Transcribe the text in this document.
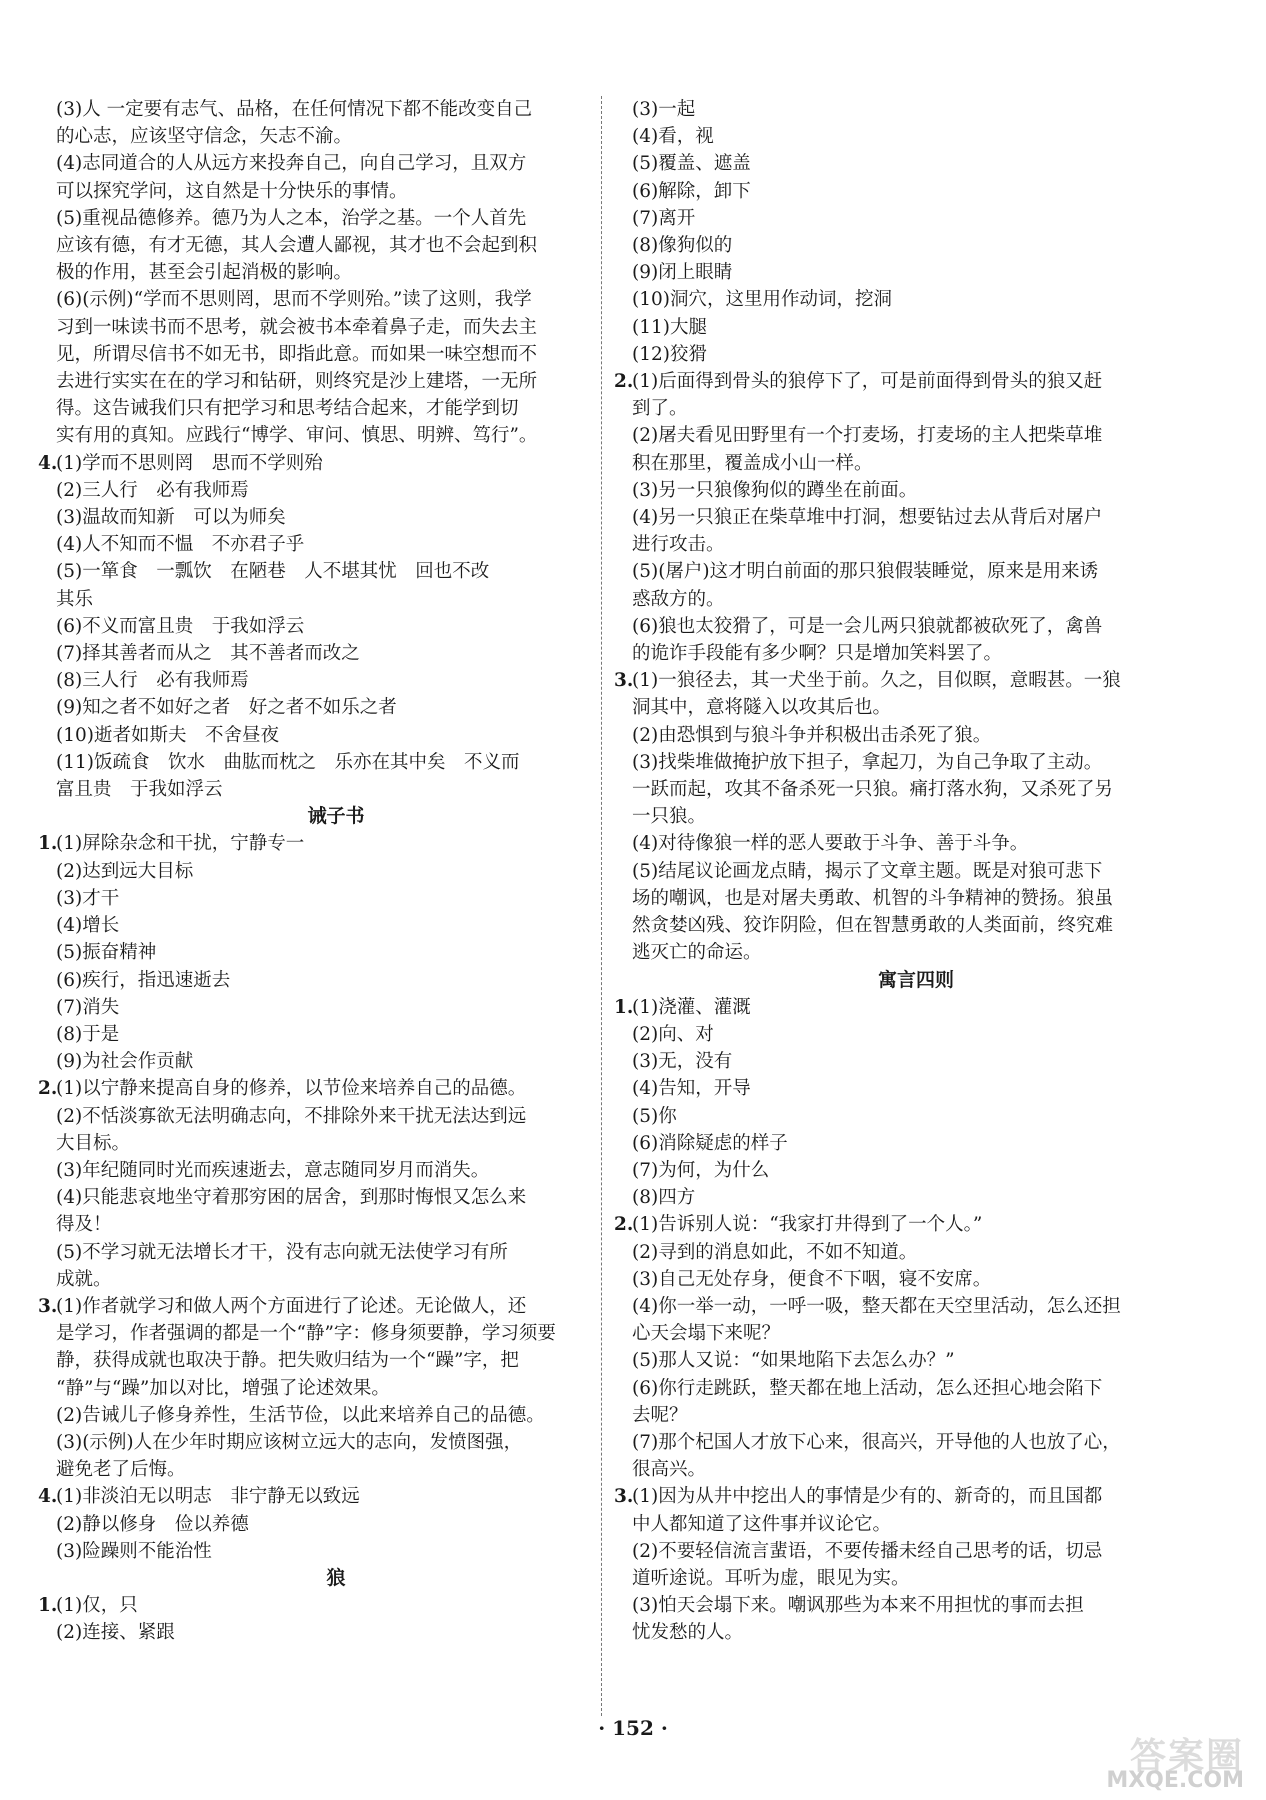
(3)人 一定要有志气、品格，在任何情况下都不能改变自己
的心志，应该坚守信念，矢志不渝。
(4)志同道合的人从远方来投奔自己，向自己学习，且双方
可以探究学问，这自然是十分快乐的事情。
(5)重视品德修养。德乃为人之本，治学之基。一个人首先
应该有德，有才无德，其人会遭人鄙视，其才也不会起到积
极的作用，甚至会引起消极的影响。
(6)(示例)“学而不思则罔，思而不学则殆。”读了这则，我学
习到一味读书而不思考，就会被书本牵着鼻子走，而失去主
见，所谓尽信书不如无书，即指此意。而如果一味空想而不
去进行实实在在的学习和钻研，则终究是沙上建塔，一无所
得。这告诫我们只有把学习和思考结合起来，才能学到切
实有用的真知。应践行“博学、审问、慎思、明辨、笃行”。
4.(1)学而不思则罔　思而不学则殆
(2)三人行　必有我师焉
(3)温故而知新　可以为师矣
(4)人不知而不愠　不亦君子乎
(5)一箪食　一瓢饮　在陋巷　人不堪其忧　回也不改
其乐
(6)不义而富且贵　于我如浮云
(7)择其善者而从之　其不善者而改之
(8)三人行　必有我师焉
(9)知之者不如好之者　好之者不如乐之者
(10)逝者如斯夫　不舍昼夜
(11)饭疏食　饮水　曲肱而枕之　乐亦在其中矣　不义而
富且贵　于我如浮云
诫子书
1.(1)屏除杂念和干扰，宁静专一
(2)达到远大目标
(3)才干
(4)增长
(5)振奋精神
(6)疾行，指迅速逝去
(7)消失
(8)于是
(9)为社会作贡献
2.(1)以宁静来提高自身的修养，以节俭来培养自己的品德。
(2)不恬淡寡欲无法明确志向，不排除外来干扰无法达到远
大目标。
(3)年纪随同时光而疾速逝去，意志随同岁月而消失。
(4)只能悲哀地坐守着那穷困的居舍，到那时悔恨又怎么来
得及！
(5)不学习就无法增长才干，没有志向就无法使学习有所
成就。
3.(1)作者就学习和做人两个方面进行了论述。无论做人，还
是学习，作者强调的都是一个“静”字：修身须要静，学习须要
静，获得成就也取决于静。把失败归结为一个“躁”字，把
“静”与“躁”加以对比，增强了论述效果。
(2)告诫儿子修身养性，生活节俭，以此来培养自己的品德。
(3)(示例)人在少年时期应该树立远大的志向，发愤图强，
避免老了后悔。
4.(1)非淡泊无以明志　非宁静无以致远
(2)静以修身　俭以养德
(3)险躁则不能治性
狼
1.(1)仅，只
(2)连接、紧跟
(3)一起
(4)看，视
(5)覆盖、遮盖
(6)解除，卸下
(7)离开
(8)像狗似的
(9)闭上眼睛
(10)洞穴，这里用作动词，挖洞
(11)大腿
(12)狡猾
2.(1)后面得到骨头的狼停下了，可是前面得到骨头的狼又赶
到了。
(2)屠夫看见田野里有一个打麦场，打麦场的主人把柴草堆
积在那里，覆盖成小山一样。
(3)另一只狼像狗似的蹲坐在前面。
(4)另一只狼正在柴草堆中打洞，想要钻过去从背后对屠户
进行攻击。
(5)(屠户)这才明白前面的那只狼假装睡觉，原来是用来诱
惑敌方的。
(6)狼也太狡猾了，可是一会儿两只狼就都被砍死了，禽兽
的诡诈手段能有多少啊？只是增加笑料罢了。
3.(1)一狼径去，其一犬坐于前。久之，目似瞑，意暇甚。一狼
洞其中，意将隧入以攻其后也。
(2)由恐惧到与狼斗争并积极出击杀死了狼。
(3)找柴堆做掩护放下担子，拿起刀，为自己争取了主动。
一跃而起，攻其不备杀死一只狼。痛打落水狗，又杀死了另
一只狼。
(4)对待像狼一样的恶人要敢于斗争、善于斗争。
(5)结尾议论画龙点睛，揭示了文章主题。既是对狼可悲下
场的嘲讽，也是对屠夫勇敢、机智的斗争精神的赞扬。狼虽
然贪婪凶残、狡诈阴险，但在智慧勇敢的人类面前，终究难
逃灭亡的命运。
寓言四则
1.(1)浇灌、灌溉
(2)向、对
(3)无，没有
(4)告知，开导
(5)你
(6)消除疑虑的样子
(7)为何，为什么
(8)四方
2.(1)告诉别人说：“我家打井得到了一个人。”
(2)寻到的消息如此，不如不知道。
(3)自己无处存身，便食不下咽，寝不安席。
(4)你一举一动，一呼一吸，整天都在天空里活动，怎么还担
心天会塌下来呢？
(5)那人又说：“如果地陷下去怎么办？”
(6)你行走跳跃，整天都在地上活动，怎么还担心地会陷下
去呢？
(7)那个杞国人才放下心来，很高兴，开导他的人也放了心，
很高兴。
3.(1)因为从井中挖出人的事情是少有的、新奇的，而且国都
中人都知道了这件事并议论它。
(2)不要轻信流言蜚语，不要传播未经自己思考的话，切忌
道听途说。耳听为虚，眼见为实。
(3)怕天会塌下来。嘲讽那些为本来不用担忧的事而去担
忧发愁的人。
· 152 ·
答案圈
MXQE.COM
